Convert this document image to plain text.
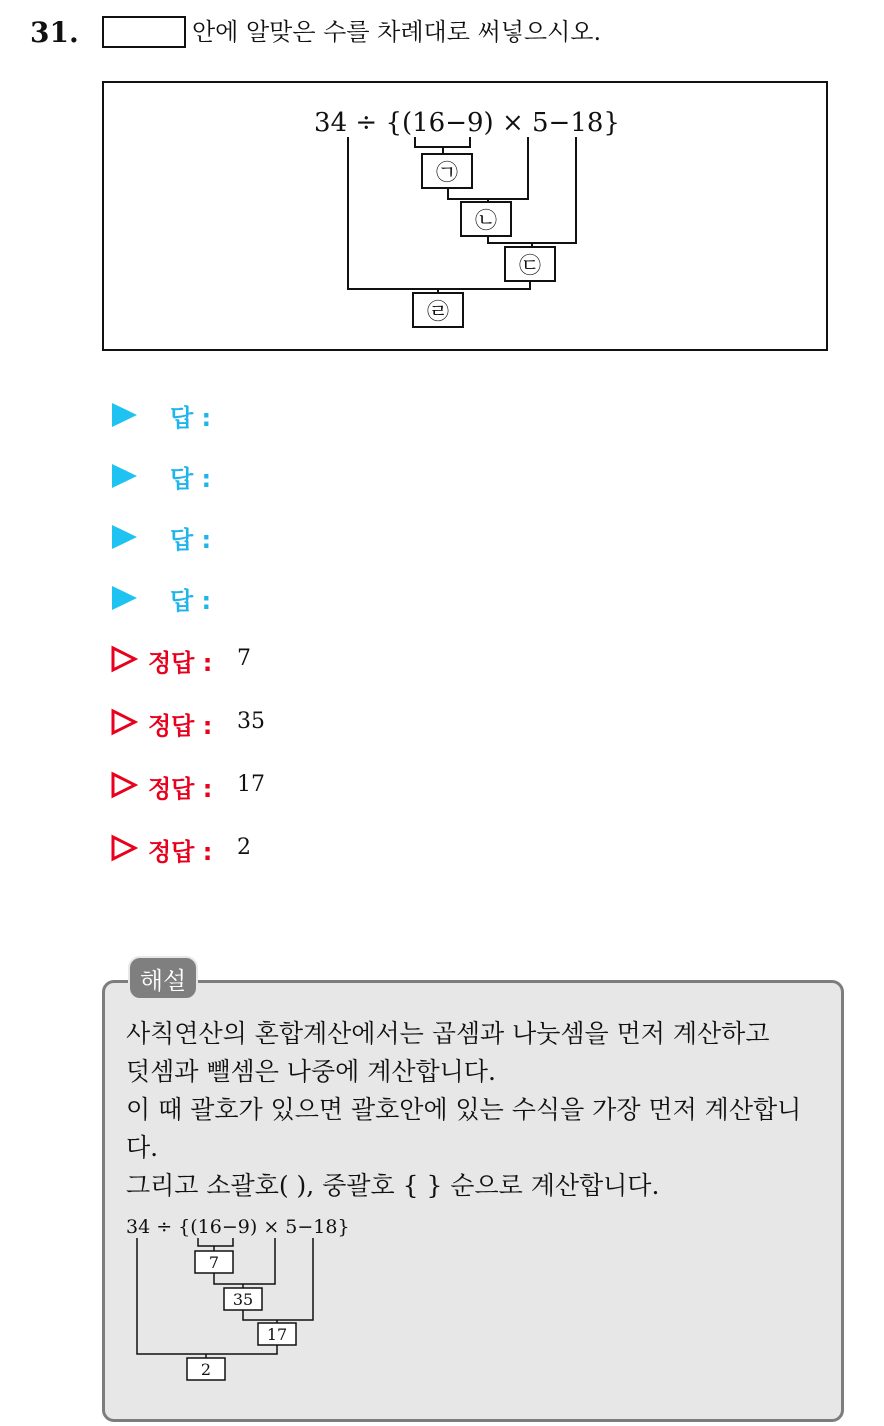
31.	안에 알맞은 수를 차례대로 써넣으시오.
34 ÷ {(16−9) × 5−18}
㉠
㉡
㉢
㉣
답 :
답 :
답 :
답 :
정답 : 7
정답 : 35
정답 : 17
정답 : 2
해설
사칙연산의 혼합계산에서는 곱셈과 나눗셈을 먼저 계산하고
덧셈과 뺄셈은 나중에 계산합니다.
이 때 괄호가 있으면 괄호안에 있는 수식을 가장 먼저 계산합니
다.
그리고 소괄호( ), 중괄호 { } 순으로 계산합니다.
34 ÷ {(16−9) × 5−18}
7
35
17
2
